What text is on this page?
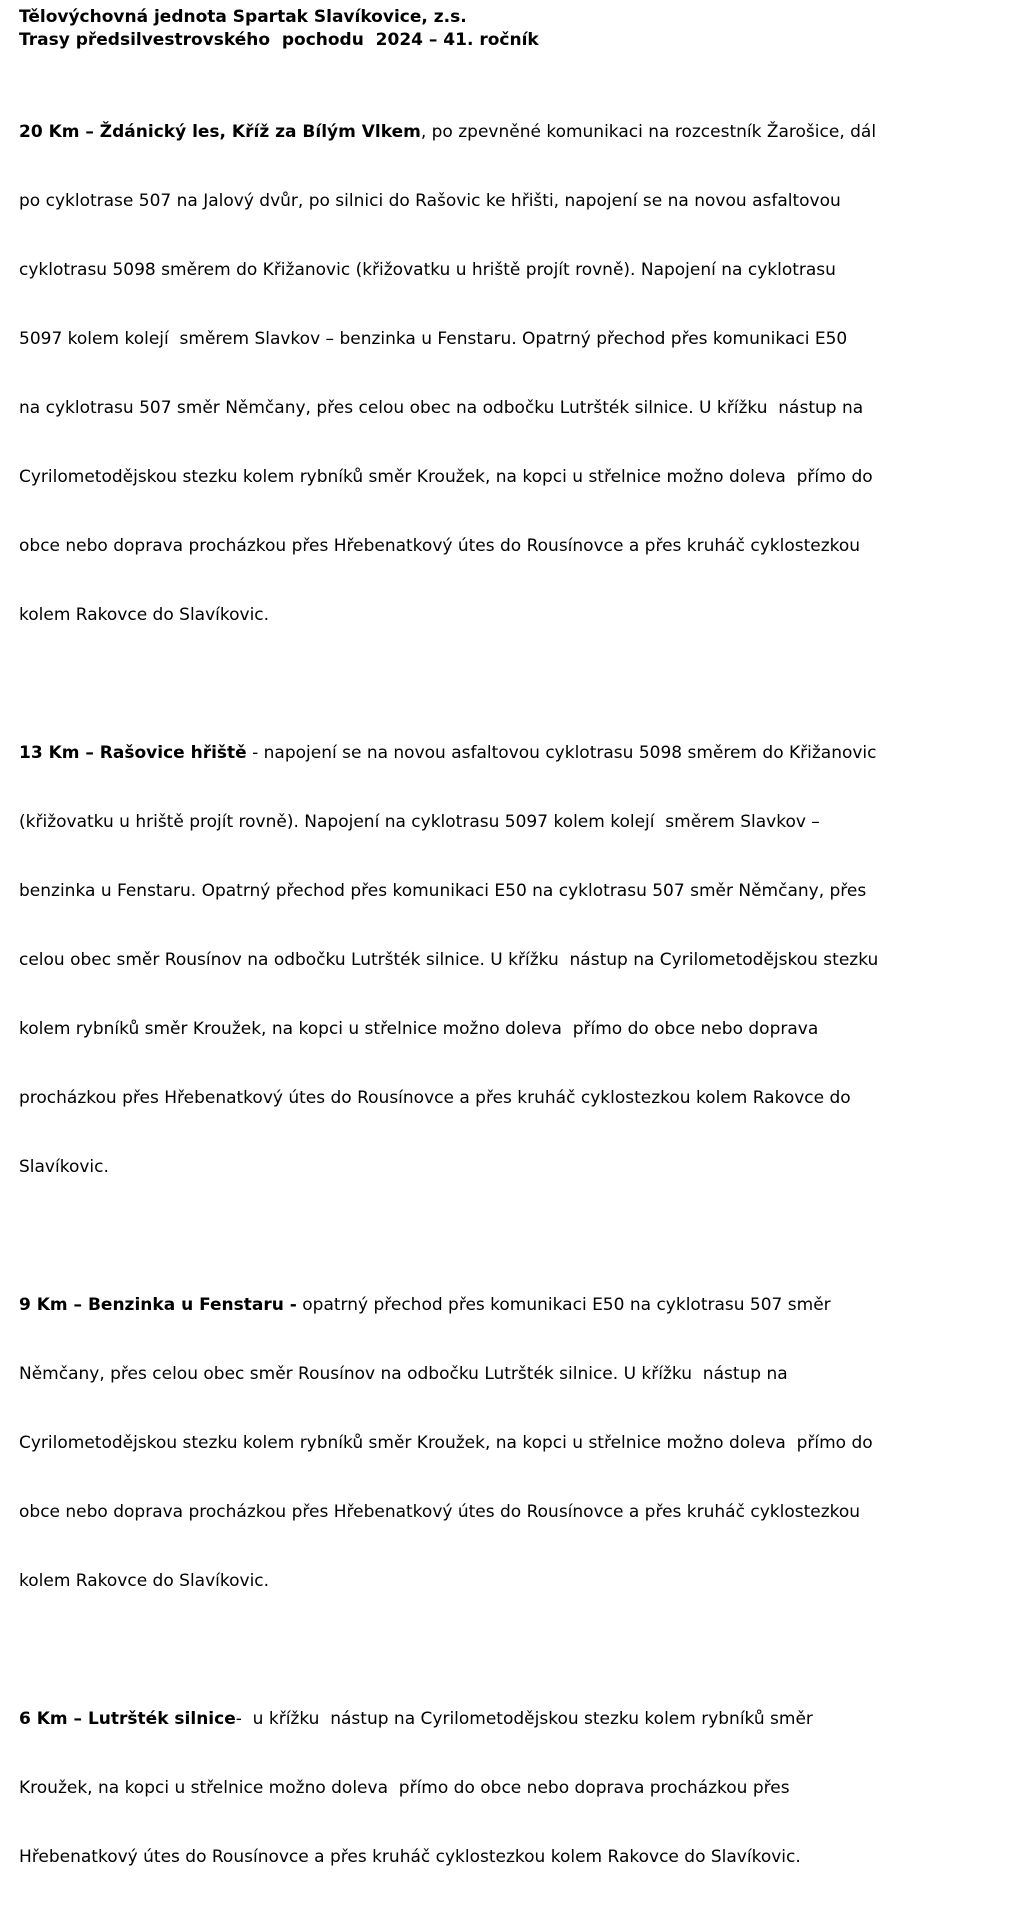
Tělovýchovná jednota Spartak Slavíkovice, z.s.
Trasy předsilvestrovského  pochodu  2024 – 41. ročník

20 Km – Ždánický les, Kříž za Bílým Vlkem, po zpevněné komunikaci na rozcestník Žarošice, dál

po cyklotrase 507 na Jalový dvůr, po silnici do Rašovic ke hřišti, napojení se na novou asfaltovou

cyklotrasu 5098 směrem do Křižanovic (křižovatku u hriště projít rovně). Napojení na cyklotrasu

5097 kolem kolejí  směrem Slavkov – benzinka u Fenstaru. Opatrný přechod přes komunikaci E50

na cyklotrasu 507 směr Němčany, přes celou obec na odbočku Lutršték silnice. U křížku  nástup na

Cyrilometodějskou stezku kolem rybníků směr Kroužek, na kopci u střelnice možno doleva  přímo do

obce nebo doprava procházkou přes Hřebenatkový útes do Rousínovce a přes kruháč cyklostezkou

kolem Rakovce do Slavíkovic.

13 Km – Rašovice hřiště - napojení se na novou asfaltovou cyklotrasu 5098 směrem do Křižanovic

(křižovatku u hriště projít rovně). Napojení na cyklotrasu 5097 kolem kolejí  směrem Slavkov –

benzinka u Fenstaru. Opatrný přechod přes komunikaci E50 na cyklotrasu 507 směr Němčany, přes

celou obec směr Rousínov na odbočku Lutršték silnice. U křížku  nástup na Cyrilometodějskou stezku

kolem rybníků směr Kroužek, na kopci u střelnice možno doleva  přímo do obce nebo doprava

procházkou přes Hřebenatkový útes do Rousínovce a přes kruháč cyklostezkou kolem Rakovce do

Slavíkovic.

9 Km – Benzinka u Fenstaru - opatrný přechod přes komunikaci E50 na cyklotrasu 507 směr

Němčany, přes celou obec směr Rousínov na odbočku Lutršték silnice. U křížku  nástup na

Cyrilometodějskou stezku kolem rybníků směr Kroužek, na kopci u střelnice možno doleva  přímo do

obce nebo doprava procházkou přes Hřebenatkový útes do Rousínovce a přes kruháč cyklostezkou

kolem Rakovce do Slavíkovic.

6 Km – Lutršték silnice-  u křížku  nástup na Cyrilometodějskou stezku kolem rybníků směr

Kroužek, na kopci u střelnice možno doleva  přímo do obce nebo doprava procházkou přes

Hřebenatkový útes do Rousínovce a přes kruháč cyklostezkou kolem Rakovce do Slavíkovic.
